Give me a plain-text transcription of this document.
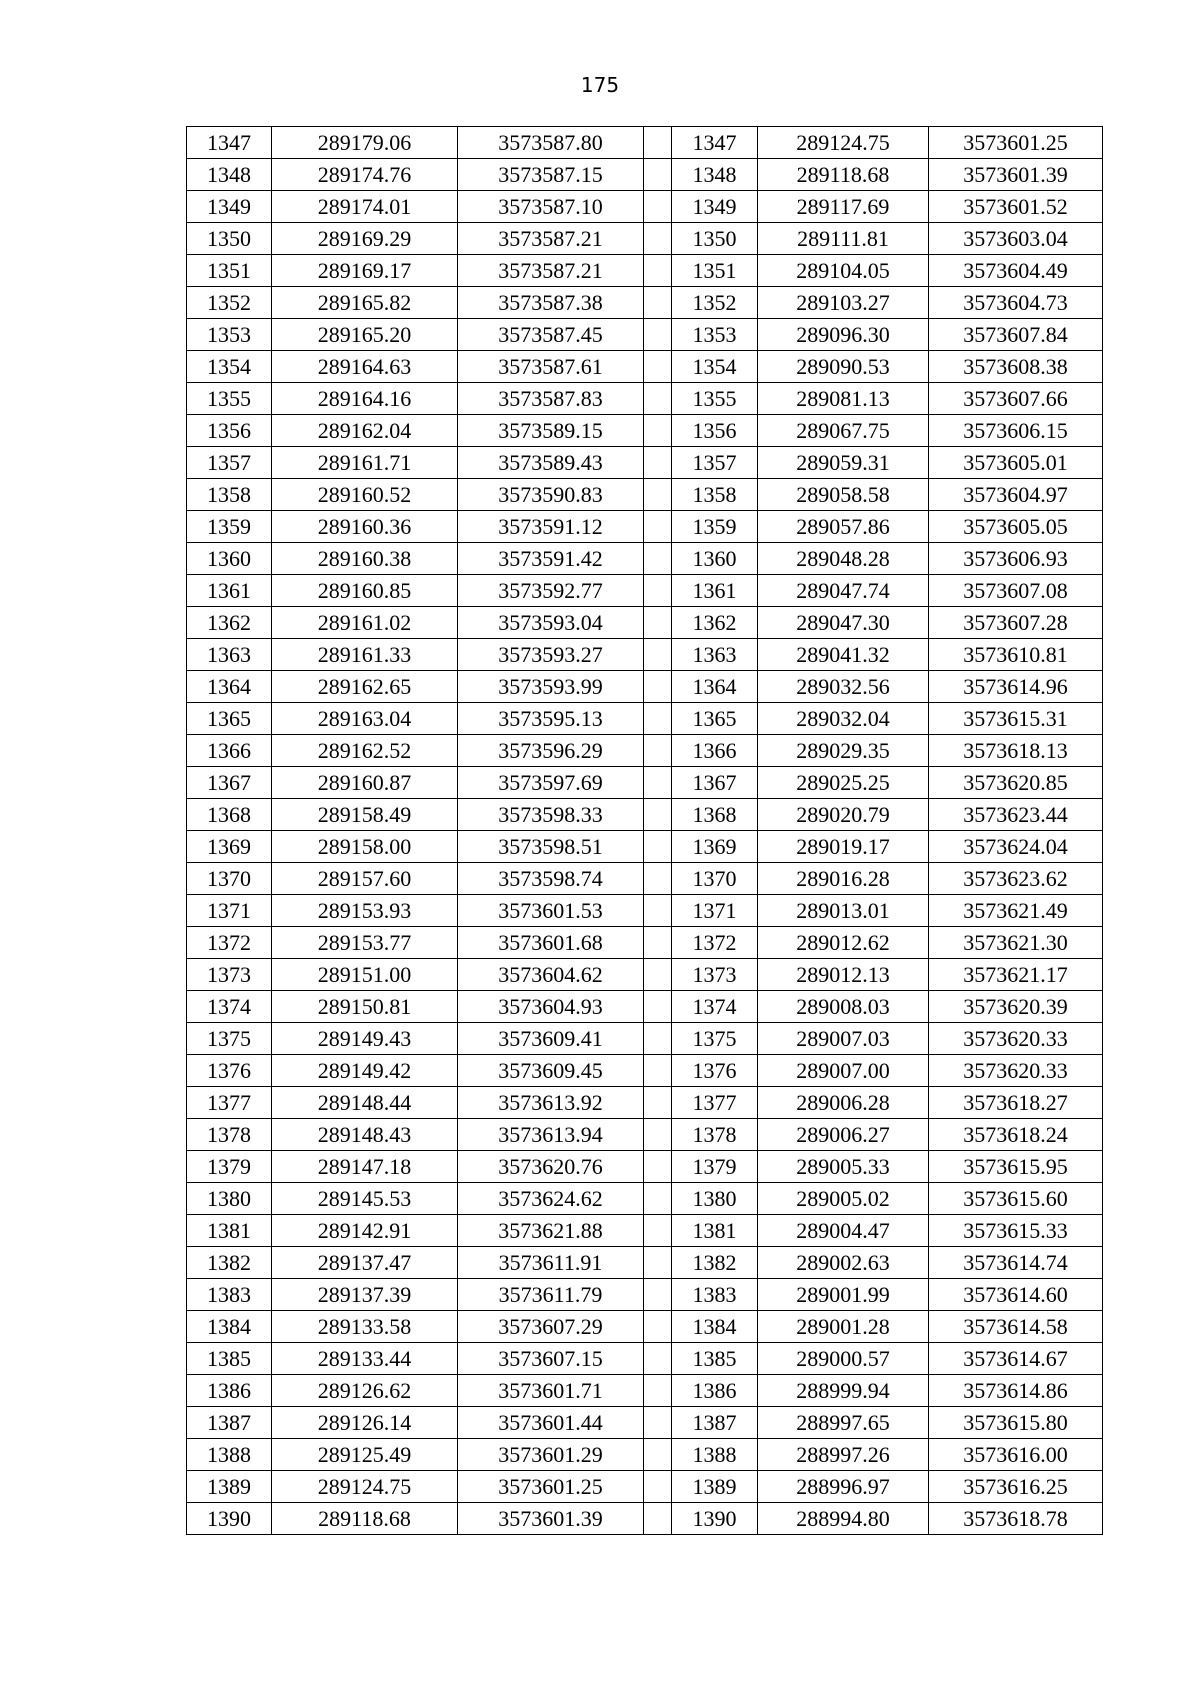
175
1347	289179.06	3573587.80		1347	289124.75	3573601.25
1348	289174.76	3573587.15		1348	289118.68	3573601.39
1349	289174.01	3573587.10		1349	289117.69	3573601.52
1350	289169.29	3573587.21		1350	289111.81	3573603.04
1351	289169.17	3573587.21		1351	289104.05	3573604.49
1352	289165.82	3573587.38		1352	289103.27	3573604.73
1353	289165.20	3573587.45		1353	289096.30	3573607.84
1354	289164.63	3573587.61		1354	289090.53	3573608.38
1355	289164.16	3573587.83		1355	289081.13	3573607.66
1356	289162.04	3573589.15		1356	289067.75	3573606.15
1357	289161.71	3573589.43		1357	289059.31	3573605.01
1358	289160.52	3573590.83		1358	289058.58	3573604.97
1359	289160.36	3573591.12		1359	289057.86	3573605.05
1360	289160.38	3573591.42		1360	289048.28	3573606.93
1361	289160.85	3573592.77		1361	289047.74	3573607.08
1362	289161.02	3573593.04		1362	289047.30	3573607.28
1363	289161.33	3573593.27		1363	289041.32	3573610.81
1364	289162.65	3573593.99		1364	289032.56	3573614.96
1365	289163.04	3573595.13		1365	289032.04	3573615.31
1366	289162.52	3573596.29		1366	289029.35	3573618.13
1367	289160.87	3573597.69		1367	289025.25	3573620.85
1368	289158.49	3573598.33		1368	289020.79	3573623.44
1369	289158.00	3573598.51		1369	289019.17	3573624.04
1370	289157.60	3573598.74		1370	289016.28	3573623.62
1371	289153.93	3573601.53		1371	289013.01	3573621.49
1372	289153.77	3573601.68		1372	289012.62	3573621.30
1373	289151.00	3573604.62		1373	289012.13	3573621.17
1374	289150.81	3573604.93		1374	289008.03	3573620.39
1375	289149.43	3573609.41		1375	289007.03	3573620.33
1376	289149.42	3573609.45		1376	289007.00	3573620.33
1377	289148.44	3573613.92		1377	289006.28	3573618.27
1378	289148.43	3573613.94		1378	289006.27	3573618.24
1379	289147.18	3573620.76		1379	289005.33	3573615.95
1380	289145.53	3573624.62		1380	289005.02	3573615.60
1381	289142.91	3573621.88		1381	289004.47	3573615.33
1382	289137.47	3573611.91		1382	289002.63	3573614.74
1383	289137.39	3573611.79		1383	289001.99	3573614.60
1384	289133.58	3573607.29		1384	289001.28	3573614.58
1385	289133.44	3573607.15		1385	289000.57	3573614.67
1386	289126.62	3573601.71		1386	288999.94	3573614.86
1387	289126.14	3573601.44		1387	288997.65	3573615.80
1388	289125.49	3573601.29		1388	288997.26	3573616.00
1389	289124.75	3573601.25		1389	288996.97	3573616.25
1390	289118.68	3573601.39		1390	288994.80	3573618.78
